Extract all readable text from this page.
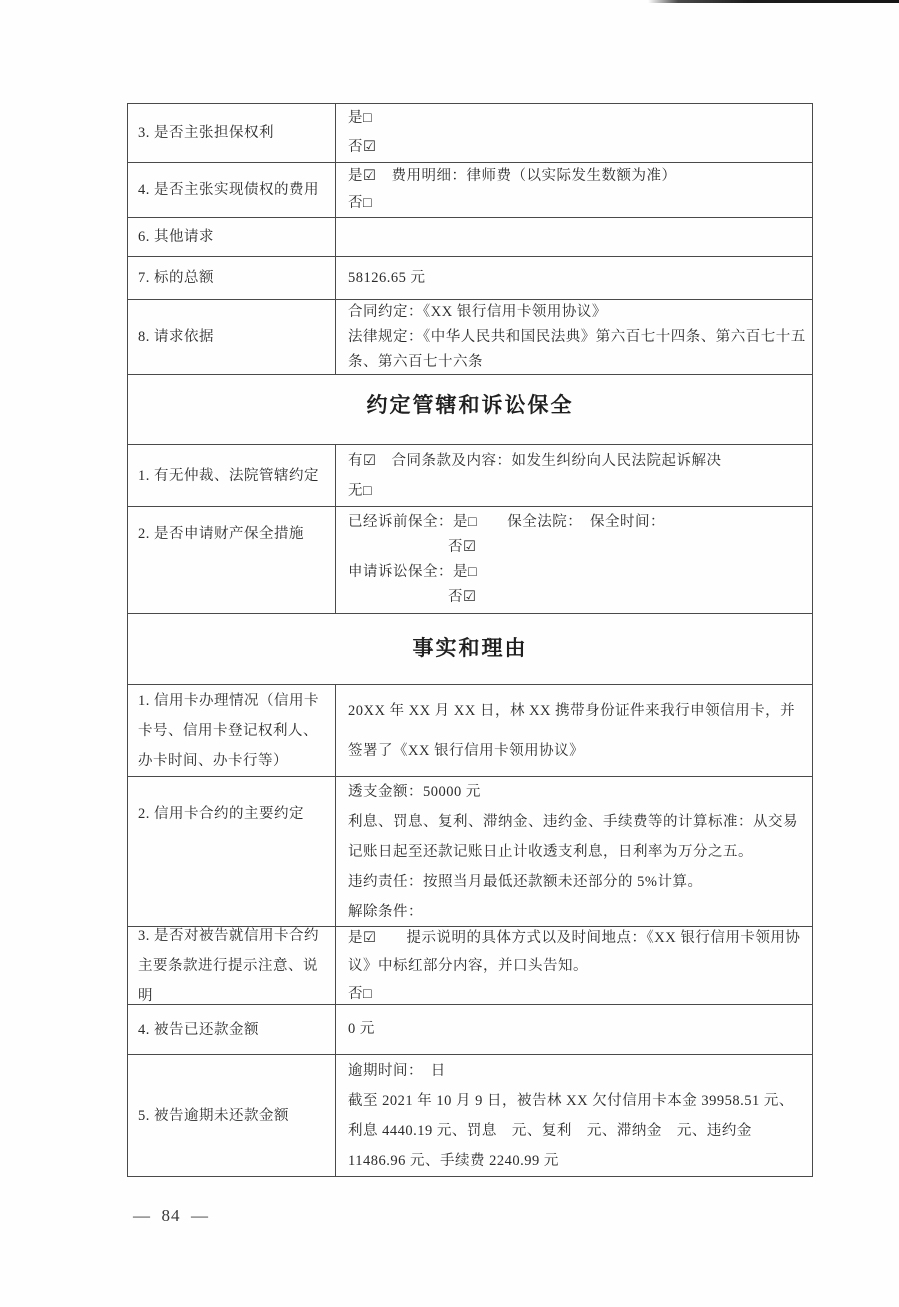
3. 是否主张担保权利
是□
否☑
4. 是否主张实现债权的费用
是☑　费用明细：律师费（以实际发生数额为准）
否□
6. 其他请求
7. 标的总额	58126.65 元
8. 请求依据
合同约定：《XX 银行信用卡领用协议》
法律规定：《中华人民共和国民法典》第六百七十四条、第六百七十五条、第六百七十六条
约定管辖和诉讼保全
1. 有无仲裁、法院管辖约定
有☑　合同条款及内容：如发生纠纷向人民法院起诉解决
无□
2. 是否申请财产保全措施
已经诉前保全：是□　　保全法院：　保全时间：
否☑
申请诉讼保全：是□
否☑
事实和理由
1. 信用卡办理情况（信用卡卡号、信用卡登记权利人、办卡时间、办卡行等）
20XX 年 XX 月 XX 日，林 XX 携带身份证件来我行申领信用卡，并签署了《XX 银行信用卡领用协议》
2. 信用卡合约的主要约定
透支金额：50000 元
利息、罚息、复利、滞纳金、违约金、手续费等的计算标准：从交易记账日起至还款记账日止计收透支利息，日利率为万分之五。
违约责任：按照当月最低还款额未还部分的 5%计算。
解除条件：
3. 是否对被告就信用卡合约主要条款进行提示注意、说明
是☑　　提示说明的具体方式以及时间地点：《XX 银行信用卡领用协议》中标红部分内容，并口头告知。
否□
4. 被告已还款金额	0 元
5. 被告逾期未还款金额
逾期时间：　日
截至 2021 年 10 月 9 日，被告林 XX 欠付信用卡本金 39958.51 元、利息 4440.19 元、罚息　元、复利　元、滞纳金　元、违约金 11486.96 元、手续费 2240.99 元
—  84  —
